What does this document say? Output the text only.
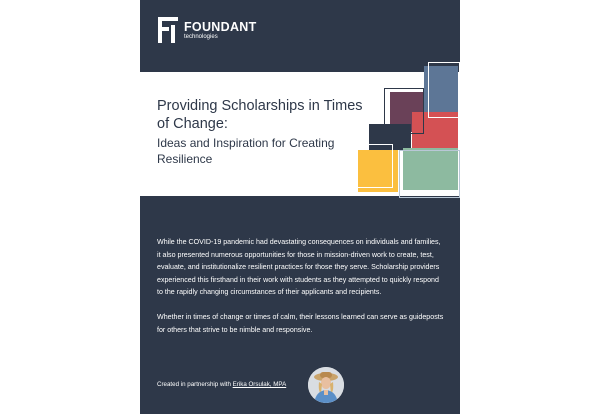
FOUNDANT
technologies

Providing Scholarships in Times of Change:

Ideas and Inspiration for Creating Resilience

While the COVID-19 pandemic had devastating consequences on individuals and families, it also presented numerous opportunities for those in mission-driven work to create, test, evaluate, and institutionalize resilient practices for those they serve. Scholarship providers experienced this firsthand in their work with students as they attempted to quickly respond to the rapidly changing circumstances of their applicants and recipients.

Whether in times of change or times of calm, their lessons learned can serve as guideposts for others that strive to be nimble and responsive.

Created in partnership with Erika Orsulak, MPA
